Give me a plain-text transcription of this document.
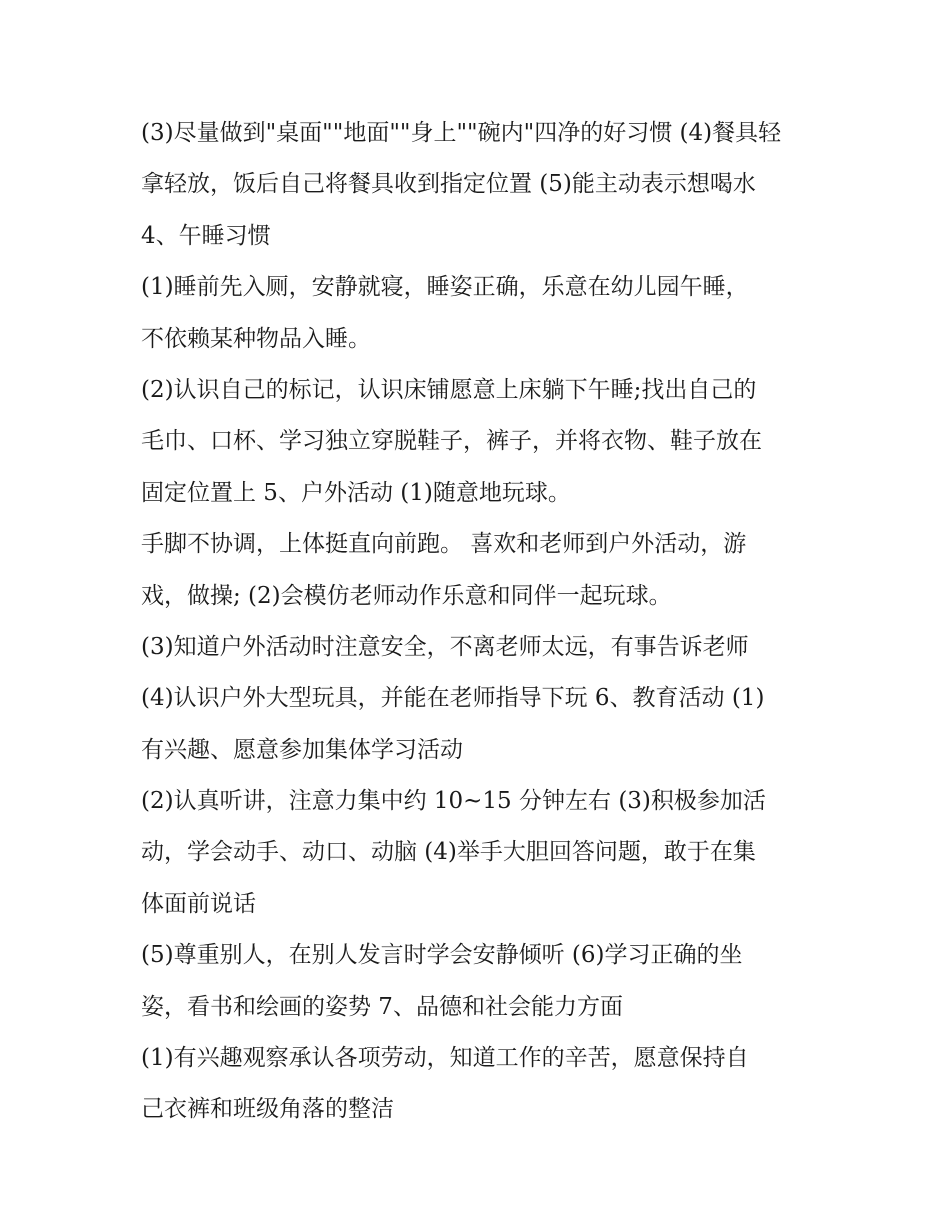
(3)尽量做到"桌面""地面""身上""碗内"四净的好习惯 (4)餐具轻
拿轻放，饭后自己将餐具收到指定位置 (5)能主动表示想喝水
4、午睡习惯
(1)睡前先入厕，安静就寝，睡姿正确，乐意在幼儿园午睡，
不依赖某种物品入睡。
(2)认识自己的标记，认识床铺愿意上床躺下午睡;找出自己的
毛巾、口杯、学习独立穿脱鞋子，裤子，并将衣物、鞋子放在
固定位置上 5、户外活动 (1)随意地玩球。
手脚不协调，上体挺直向前跑。 喜欢和老师到户外活动，游
戏，做操; (2)会模仿老师动作乐意和同伴一起玩球。
(3)知道户外活动时注意安全，不离老师太远，有事告诉老师
(4)认识户外大型玩具，并能在老师指导下玩 6、教育活动 (1)
有兴趣、愿意参加集体学习活动
(2)认真听讲，注意力集中约 10~15 分钟左右 (3)积极参加活
动，学会动手、动口、动脑 (4)举手大胆回答问题，敢于在集
体面前说话
(5)尊重别人，在别人发言时学会安静倾听 (6)学习正确的坐
姿，看书和绘画的姿势 7、品德和社会能力方面
(1)有兴趣观察承认各项劳动，知道工作的辛苦，愿意保持自
己衣裤和班级角落的整洁
